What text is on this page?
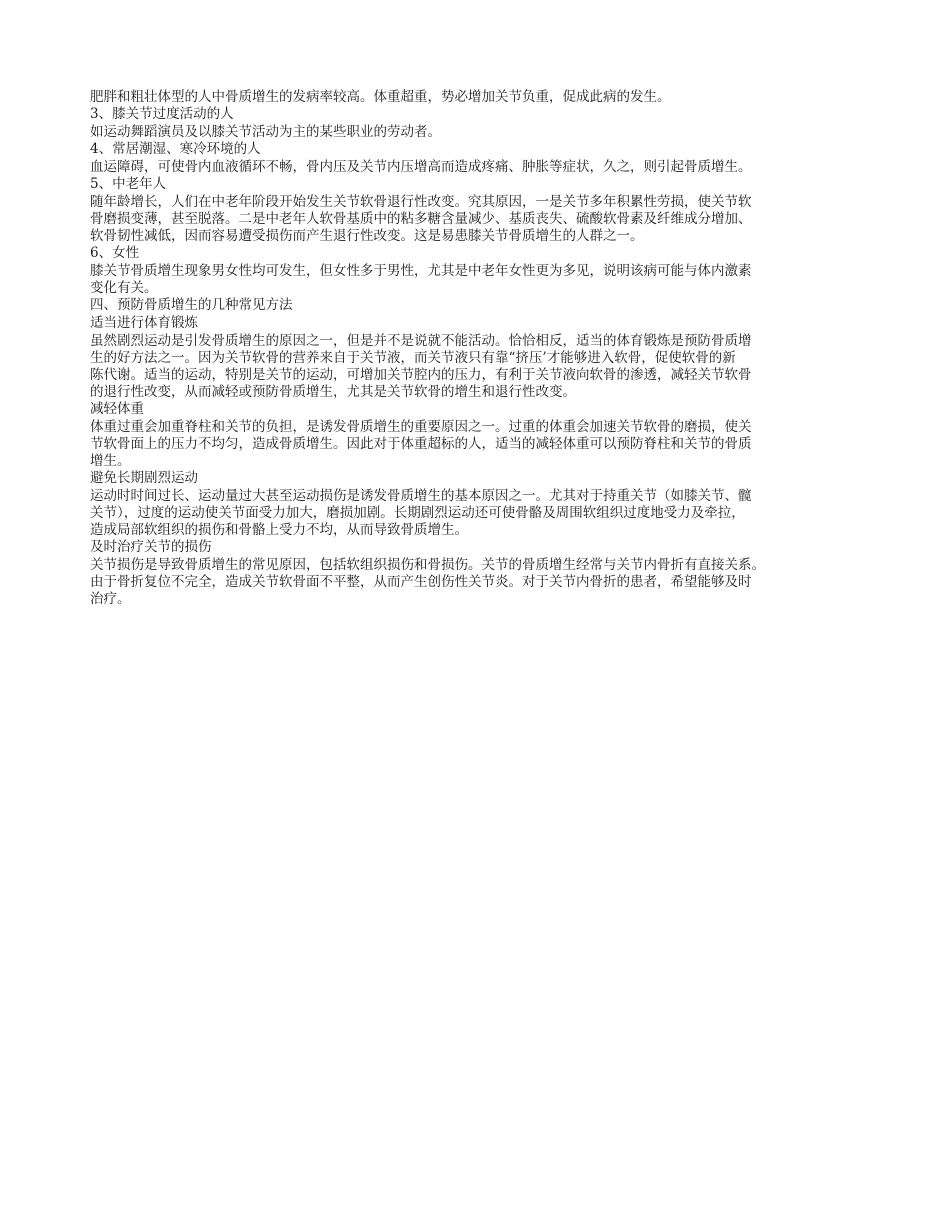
肥胖和粗壮体型的人中骨质增生的发病率较高。体重超重，势必增加关节负重，促成此病的发生。
3、膝关节过度活动的人
如运动舞蹈演员及以膝关节活动为主的某些职业的劳动者。
4、常居潮湿、寒冷环境的人
血运障碍，可使骨内血液循环不畅，骨内压及关节内压增高而造成疼痛、肿胀等症状，久之，则引起骨质增生。
5、中老年人
随年龄增长，人们在中老年阶段开始发生关节软骨退行性改变。究其原因，一是关节多年积累性劳损，使关节软
骨磨损变薄，甚至脱落。二是中老年人软骨基质中的粘多糖含量减少、基质丧失、硫酸软骨素及纤维成分增加、
软骨韧性减低，因而容易遭受损伤而产生退行性改变。这是易患膝关节骨质增生的人群之一。
6、女性
膝关节骨质增生现象男女性均可发生，但女性多于男性，尤其是中老年女性更为多见，说明该病可能与体内激素
变化有关。
四、预防骨质增生的几种常见方法
适当进行体育锻炼
虽然剧烈运动是引发骨质增生的原因之一，但是并不是说就不能活动。恰恰相反，适当的体育锻炼是预防骨质增
生的好方法之一。因为关节软骨的营养来自于关节液，而关节液只有靠“挤压’才能够进入软骨，促使软骨的新
陈代谢。适当的运动，特别是关节的运动，可增加关节腔内的压力，有利于关节液向软骨的渗透，减轻关节软骨
的退行性改变，从而减轻或预防骨质增生，尤其是关节软骨的增生和退行性改变。
减轻体重
体重过重会加重脊柱和关节的负担，是诱发骨质增生的重要原因之一。过重的体重会加速关节软骨的磨损，使关
节软骨面上的压力不均匀，造成骨质增生。因此对于体重超标的人，适当的减轻体重可以预防脊柱和关节的骨质
增生。
避免长期剧烈运动
运动时时间过长、运动量过大甚至运动损伤是诱发骨质增生的基本原因之一。尤其对于持重关节（如膝关节、髋
关节），过度的运动使关节面受力加大，磨损加剧。长期剧烈运动还可使骨骼及周围软组织过度地受力及牵拉，
造成局部软组织的损伤和骨骼上受力不均，从而导致骨质增生。
及时治疗关节的损伤
关节损伤是导致骨质增生的常见原因，包括软组织损伤和骨损伤。关节的骨质增生经常与关节内骨折有直接关系。
由于骨折复位不完全，造成关节软骨面不平整，从而产生创伤性关节炎。对于关节内骨折的患者，希望能够及时
治疗。
